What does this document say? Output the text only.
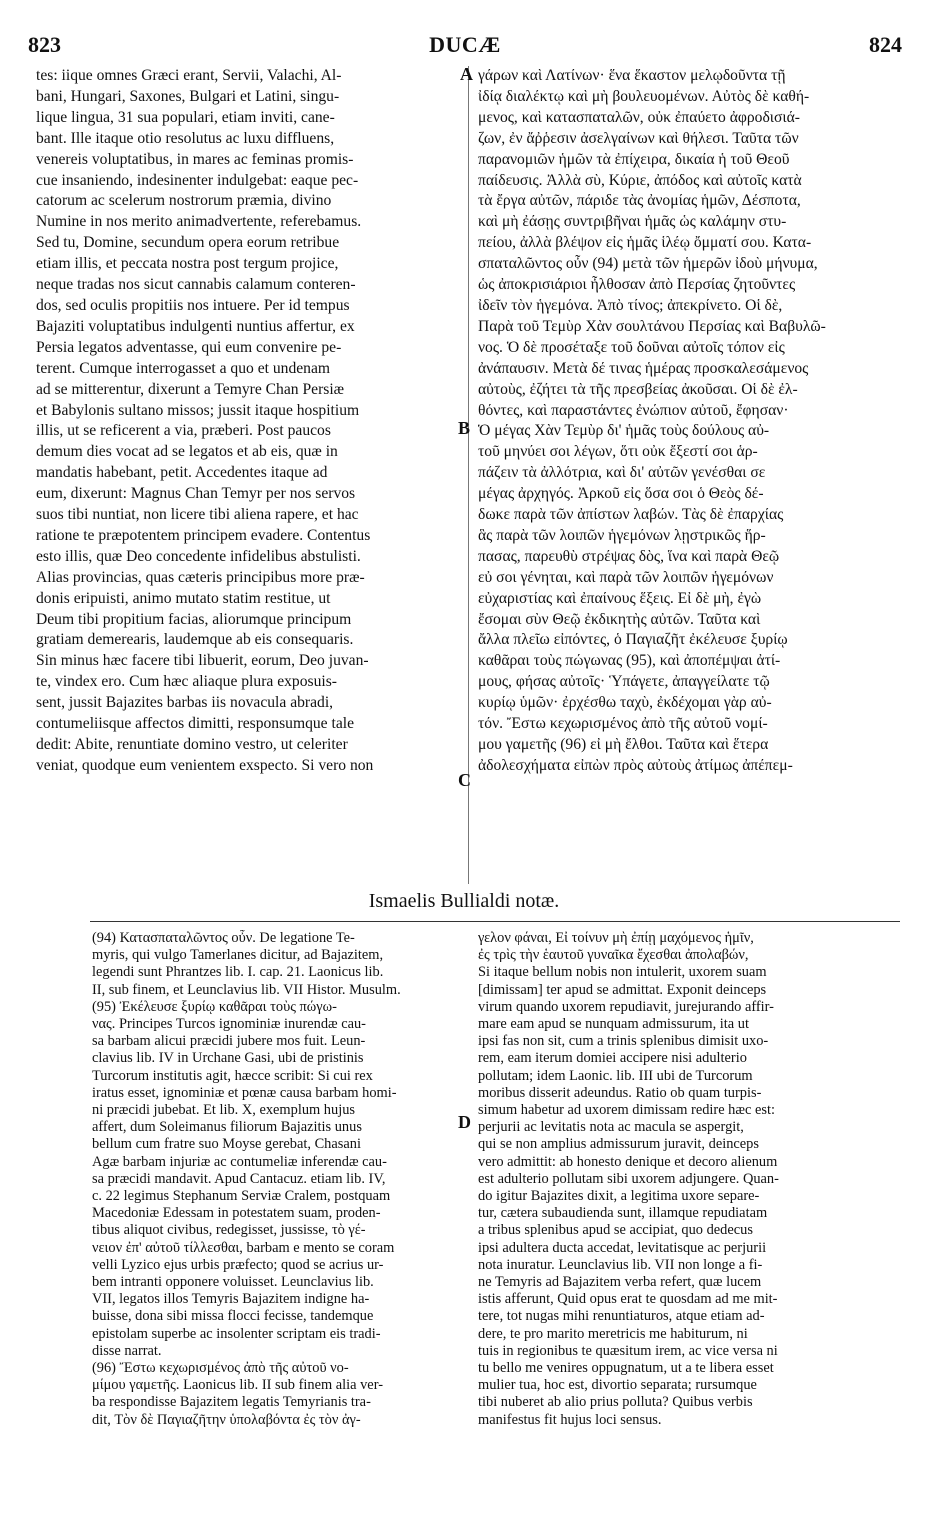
823	DUCÆ	824
tes: iique omnes Græci erant, Servii, Valachi, Al-
bani, Hungari, Saxones, Bulgari et Latini, singu-
lique lingua, 31 sua populari, etiam inviti, cane-
bant. Ille itaque otio resolutus ac luxu diffluens,
venereis voluptatibus, in mares ac feminas promis-
cue insaniendo, indesinenter indulgebat: eaque pec-
catorum ac scelerum nostrorum præmia, divino
Numine in nos merito animadvertente, referebamus.
Sed tu, Domine, secundum opera eorum retribue
etiam illis, et peccata nostra post tergum projice,
neque tradas nos sicut cannabis calamum conteren-
dos, sed oculis propitiis nos intuere. Per id tempus
Bajaziti voluptatibus indulgenti nuntius affertur, ex
Persia legatos adventasse, qui eum convenire pe-
terent. Cumque interrogasset a quo et undenam
ad se mitterentur, dixerunt a Temyre Chan Persiæ
et Babylonis sultano missos; jussit itaque hospitium
illis, ut se reficerent a via, præberi. Post paucos
demum dies vocat ad se legatos et ab eis, quæ in
mandatis habebant, petit. Accedentes itaque ad
eum, dixerunt: Magnus Chan Temyr per nos servos
suos tibi nuntiat, non licere tibi aliena rapere, et hac
ratione te præpotentem principem evadere. Contentus
esto illis, quæ Deo concedente infidelibus abstulisti.
Alias provincias, quas cæteris principibus more præ-
donis eripuisti, animo mutato statim restitue, ut
Deum tibi propitium facias, aliorumque principum
gratiam demerearis, laudemque ab eis consequaris.
Sin minus hæc facere tibi libuerit, eorum, Deo juvan-
te, vindex ero. Cum hæc aliaque plura exposuis-
sent, jussit Bajazites barbas iis novacula abradi,
contumeliisque affectos dimitti, responsumque tale
dedit: Abite, renuntiate domino vestro, ut celeriter
veniat, quodque eum venientem exspecto. Si vero non
γάρων καὶ Λατίνων· ἕνα ἕκαστον μελῳδοῦντα τῇ
ἰδίᾳ διαλέκτῳ καὶ μὴ βουλευομένων. Αὐτὸς δὲ καθή-
μενος, καὶ κατασπαταλῶν, οὐκ ἐπαύετο ἀφροδισιά-
ζων, ἐν ἄῤῥεσιν ἀσελγαίνων καὶ θήλεσι. Ταῦτα τῶν
παρανομιῶν ἡμῶν τὰ ἐπίχειρα, δικαία ἡ τοῦ Θεοῦ
παίδευσις. Ἀλλὰ σὺ, Κύριε, ἀπόδος καὶ αὐτοῖς κατὰ
τὰ ἔργα αὐτῶν, πάριδε τὰς ἀνομίας ἡμῶν, Δέσποτα,
καὶ μὴ ἐάσῃς συντριβῆναι ἡμᾶς ὡς καλάμην στυ-
πείου, ἀλλὰ βλέψον εἰς ἡμᾶς ἱλέῳ ὄμματί σου. Κατα-
σπαταλῶντος οὖν (94) μετὰ τῶν ἡμερῶν ἰδοὺ μήνυμα,
ὡς ἀποκρισιάριοι ἦλθοσαν ἀπὸ Περσίας ζητοῦντες
ἰδεῖν τὸν ἡγεμόνα. Ἀπὸ τίνος; ἀπεκρίνετο. Οἱ δὲ,
Παρὰ τοῦ Τεμὺρ Χὰν σουλτάνου Περσίας καὶ Βαβυλῶ-
νος. Ὁ δὲ προσέταξε τοῦ δοῦναι αὐτοῖς τόπον εἰς
ἀνάπαυσιν. Μετὰ δέ τινας ἡμέρας προσκαλεσάμενος
αὐτοὺς, ἐζήτει τὰ τῆς πρεσβείας ἀκοῦσαι. Οἱ δὲ ἐλ-
θόντες, καὶ παραστάντες ἐνώπιον αὐτοῦ, ἔφησαν·
Ὁ μέγας Χὰν Τεμὺρ δι' ἡμᾶς τοὺς δούλους αὐ-
τοῦ μηνύει σοι λέγων, ὅτι οὐκ ἔξεστί σοι ἁρ-
πάζειν τὰ ἀλλότρια, καὶ δι' αὐτῶν γενέσθαι σε
μέγας ἀρχηγός. Ἀρκοῦ εἰς ὅσα σοι ὁ Θεὸς δέ-
δωκε παρὰ τῶν ἀπίστων λαβών. Τὰς δὲ ἐπαρχίας
ἃς παρὰ τῶν λοιπῶν ἡγεμόνων λῃστρικῶς ἥρ-
πασας, παρευθὺ στρέψας δὸς, ἵνα καὶ παρὰ Θεῷ
εὐ σοι γένηται, καὶ παρὰ τῶν λοιπῶν ἡγεμόνων
εὐχαριστίας καὶ ἐπαίνους ἕξεις. Εἰ δὲ μὴ, ἐγὼ
ἔσομαι σὺν Θεῷ ἐκδικητὴς αὐτῶν. Ταῦτα καὶ
ἄλλα πλεῖω εἰπόντες, ὁ Παγιαζῆτ ἐκέλευσε ξυρίῳ
καθᾶραι τοὺς πώγωνας (95), καὶ ἀποπέμψαι ἀτί-
μους, φήσας αὐτοῖς· Ὑπάγετε, ἀπαγγείλατε τῷ
κυρίῳ ὑμῶν· ἐρχέσθω ταχὺ, ἐκδέχομαι γὰρ αὐ-
τόν. Ἔστω κεχωρισμένος ἀπὸ τῆς αὐτοῦ νομί-
μου γαμετῆς (96) εἰ μὴ ἔλθοι. Ταῦτα καὶ ἕτερα
ἀδολεσχήματα εἰπὼν πρὸς αὐτοὺς ἀτίμως ἀπέπεμ-
A
B
C
D
Ismaelis Bullialdi notæ.
(94) Κατασπαταλῶντος οὖν. De legatione Te-
myris, qui vulgo Tamerlanes dicitur, ad Bajazitem,
legendi sunt Phrantzes lib. I. cap. 21. Laonicus lib.
II, sub finem, et Leunclavius lib. VII Histor. Musulm.
(95) Ἐκέλευσε ξυρίῳ καθᾶραι τοὺς πώγω-
νας. Principes Turcos ignominiæ inurendæ cau-
sa barbam alicui præcidi jubere mos fuit. Leun-
clavius lib. IV in Urchane Gasi, ubi de pristinis
Turcorum institutis agit, hæcce scribit: Si cui rex
iratus esset, ignominiæ et pœnæ causa barbam homi-
ni præcidi jubebat. Et lib. X, exemplum hujus
affert, dum Soleimanus filiorum Bajazitis unus
bellum cum fratre suo Moyse gerebat, Chasani
Agæ barbam injuriæ ac contumeliæ inferendæ cau-
sa præcidi mandavit. Apud Cantacuz. etiam lib. IV,
c. 22 legimus Stephanum Serviæ Cralem, postquam
Macedoniæ Edessam in potestatem suam, proden-
tibus aliquot civibus, redegisset, jussisse, τὸ γέ-
νειον ἐπ' αὐτοῦ τίλλεσθαι, barbam e mento se coram
velli Lyzico ejus urbis præfecto; quod se acrius ur-
bem intranti opponere voluisset. Leunclavius lib.
VII, legatos illos Temyris Bajazitem indigne ha-
buisse, dona sibi missa flocci fecisse, tandemque
epistolam superbe ac insolenter scriptam eis tradi-
disse narrat.
(96) Ἔστω κεχωρισμένος ἀπὸ τῆς αὐτοῦ νο-
μίμου γαμετῆς. Laonicus lib. II sub finem alia ver-
ba respondisse Bajazitem legatis Temyrianis tra-
dit, Τὸν δὲ Παγιαζῆτην ὑπολαβόντα ἐς τὸν ἀγ-
γελον φάναι, Εἰ τοίνυν μὴ ἐπίῃ μαχόμενος ἡμῖν,
ἐς τρὶς τὴν ἑαυτοῦ γυναῖκα ἔχεσθαι ἀπολαβών,
Si itaque bellum nobis non intulerit, uxorem suam
[dimissam] ter apud se admittat. Exponit deinceps
virum quando uxorem repudiavit, jurejurando affir-
mare eam apud se nunquam admissurum, ita ut
ipsi fas non sit, cum a trinis splenibus dimisit uxo-
rem, eam iterum domiei accipere nisi adulterio
pollutam; idem Laonic. lib. III ubi de Turcorum
moribus disserit adeundus. Ratio ob quam turpis-
simum habetur ad uxorem dimissam redire hæc est:
perjurii ac levitatis nota ac macula se aspergit,
qui se non amplius admissurum juravit, deinceps
vero admittit: ab honesto denique et decoro alienum
est adulterio pollutam sibi uxorem adjungere. Quan-
do igitur Bajazites dixit, a legitima uxore separe-
tur, cætera subaudienda sunt, illamque repudiatam
a tribus splenibus apud se accipiat, quo dedecus
ipsi adultera ducta accedat, levitatisque ac perjurii
nota inuratur. Leunclavius lib. VII non longe a fi-
ne Temyris ad Bajazitem verba refert, quæ lucem
istis afferunt, Quid opus erat te quosdam ad me mit-
tere, tot nugas mihi renuntiaturos, atque etiam ad-
dere, te pro marito meretricis me habiturum, ni
tuis in regionibus te quæsitum irem, ac vice versa ni
tu bello me venires oppugnatum, ut a te libera esset
mulier tua, hoc est, divortio separata; rursumque
tibi nuberet ab alio prius polluta? Quibus verbis
manifestus fit hujus loci sensus.
